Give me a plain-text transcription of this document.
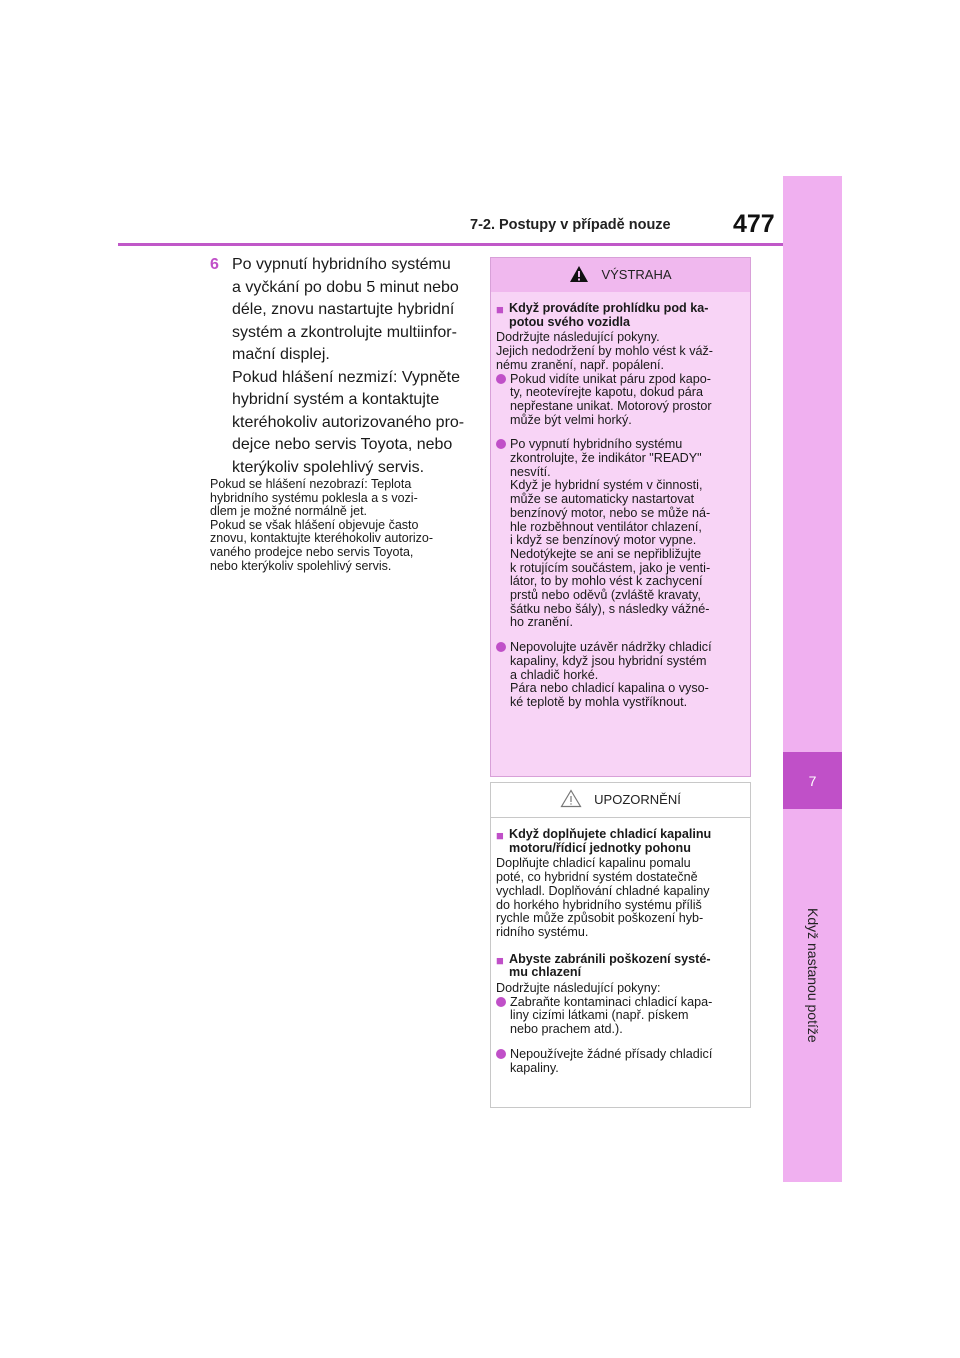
7
Když nastanou potíže
7-2. Postupy v případě nouze 477
6 Po vypnutí hybridního systému
a vyčkání po dobu 5 minut nebo
déle, znovu nastartujte hybridní
systém a zkontrolujte multiinfor-
mační displej.
Pokud hlášení nezmizí: Vypněte
hybridní systém a kontaktujte
kteréhokoliv autorizovaného pro-
dejce nebo servis Toyota, nebo
kterýkoliv spolehlivý servis.
Pokud se hlášení nezobrazí: Teplota
hybridního systému poklesla a s vozi-
dlem je možné normálně jet.
Pokud se však hlášení objevuje často
znovu, kontaktujte kteréhokoliv autorizo-
vaného prodejce nebo servis Toyota,
nebo kterýkoliv spolehlivý servis.
VÝSTRAHA
■ Když provádíte prohlídku pod ka-
potou svého vozidla
Dodržujte následující pokyny.
Jejich nedodržení by mohlo vést k váž-
nému zranění, např. popálení.
Pokud vidíte unikat páru zpod kapo-
ty, neotevírejte kapotu, dokud pára
nepřestane unikat. Motorový prostor
může být velmi horký.
Po vypnutí hybridního systému
zkontrolujte, že indikátor "READY"
nesvítí.
Když je hybridní systém v činnosti,
může se automaticky nastartovat
benzínový motor, nebo se může ná-
hle rozběhnout ventilátor chlazení,
i když se benzínový motor vypne.
Nedotýkejte se ani se nepřibližujte
k rotujícím součástem, jako je venti-
látor, to by mohlo vést k zachycení
prstů nebo oděvů (zvláště kravaty,
šátku nebo šály), s následky vážné-
ho zranění.
Nepovolujte uzávěr nádržky chladicí
kapaliny, když jsou hybridní systém
a chladič horké.
Pára nebo chladicí kapalina o vyso-
ké teplotě by mohla vystříknout.
UPOZORNĚNÍ
■ Když doplňujete chladicí kapalinu
motoru/řídicí jednotky pohonu
Doplňujte chladicí kapalinu pomalu
poté, co hybridní systém dostatečně
vychladl. Doplňování chladné kapaliny
do horkého hybridního systému příliš
rychle může způsobit poškození hyb-
ridního systému.
■ Abyste zabránili poškození systé-
mu chlazení
Dodržujte následující pokyny:
Zabraňte kontaminaci chladicí kapa-
liny cizími látkami (např. pískem
nebo prachem atd.).
Nepoužívejte žádné přísady chladicí
kapaliny.
